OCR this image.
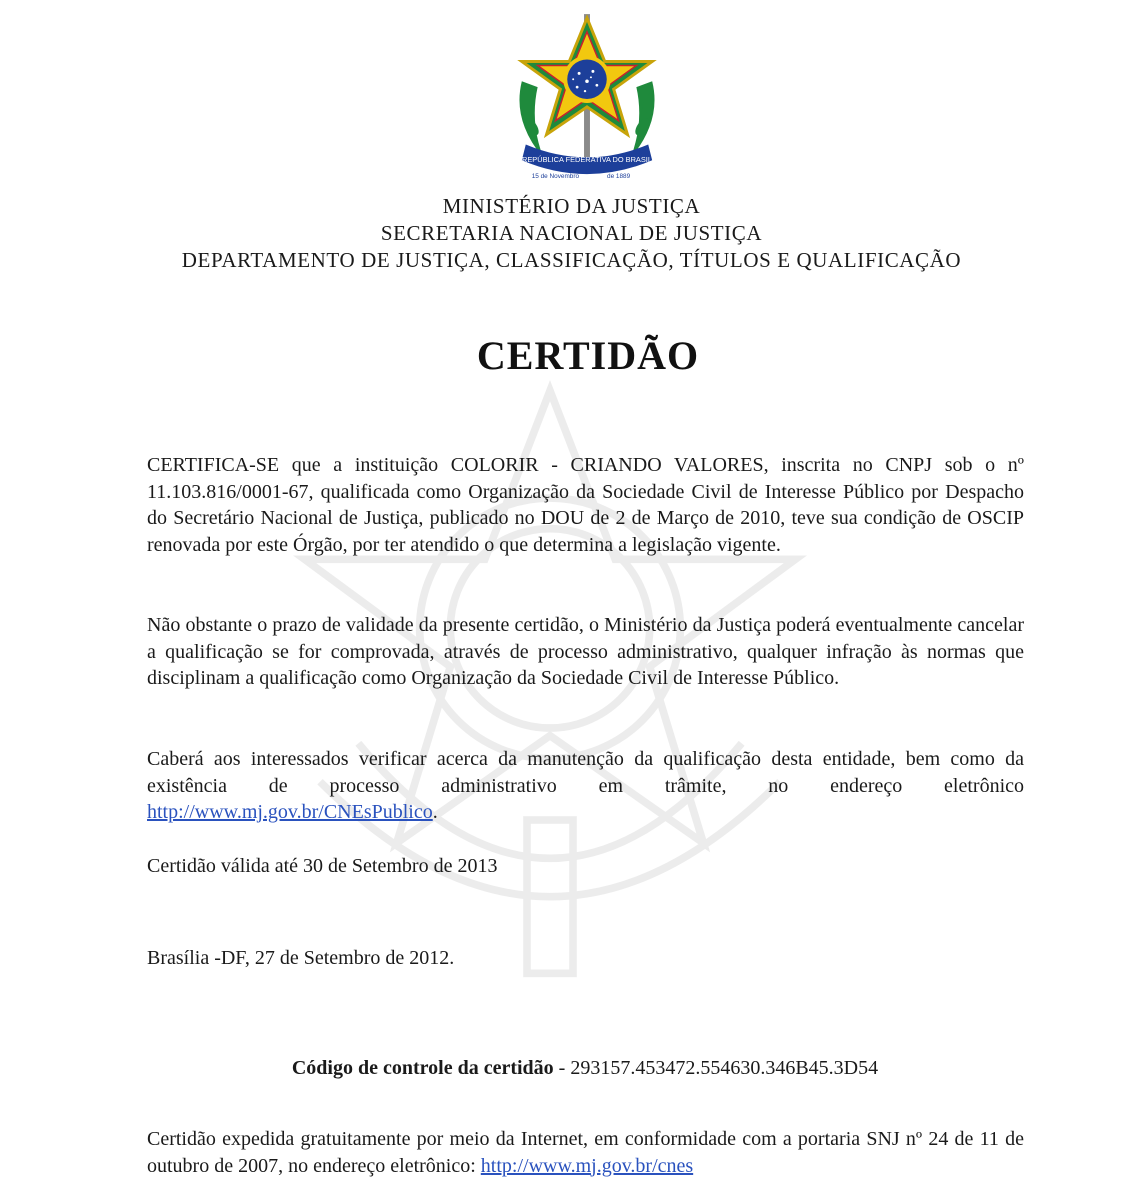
REPÚBLICA FEDERATIVA DO BRASIL
15 de Novembro	de 1889
MINISTÉRIO DA JUSTIÇA
SECRETARIA NACIONAL DE JUSTIÇA
DEPARTAMENTO DE JUSTIÇA, CLASSIFICAÇÃO, TÍTULOS E QUALIFICAÇÃO
CERTIDÃO
CERTIFICA-SE que a instituição COLORIR - CRIANDO VALORES, inscrita no CNPJ sob o nº 11.103.816/0001-67, qualificada como Organização da Sociedade Civil de Interesse Público por Despacho do Secretário Nacional de Justiça, publicado no DOU de 2 de Março de 2010, teve sua condição de OSCIP renovada por este Órgão, por ter atendido o que determina a legislação vigente.
Não obstante o prazo de validade da presente certidão, o Ministério da Justiça poderá eventualmente cancelar a qualificação se for comprovada, através de processo administrativo, qualquer infração às normas que disciplinam a qualificação como Organização da Sociedade Civil de Interesse Público.
Caberá aos interessados verificar acerca da manutenção da qualificação desta entidade, bem como da existência de processo administrativo em trâmite, no endereço eletrônico http://www.mj.gov.br/CNEsPublico.
Certidão válida até 30 de Setembro de 2013
Brasília -DF, 27 de Setembro de 2012.
Código de controle da certidão - 293157.453472.554630.346B45.3D54
Certidão expedida gratuitamente por meio da Internet, em conformidade com a portaria SNJ nº 24 de 11 de outubro de 2007, no endereço eletrônico: http://www.mj.gov.br/cnes
